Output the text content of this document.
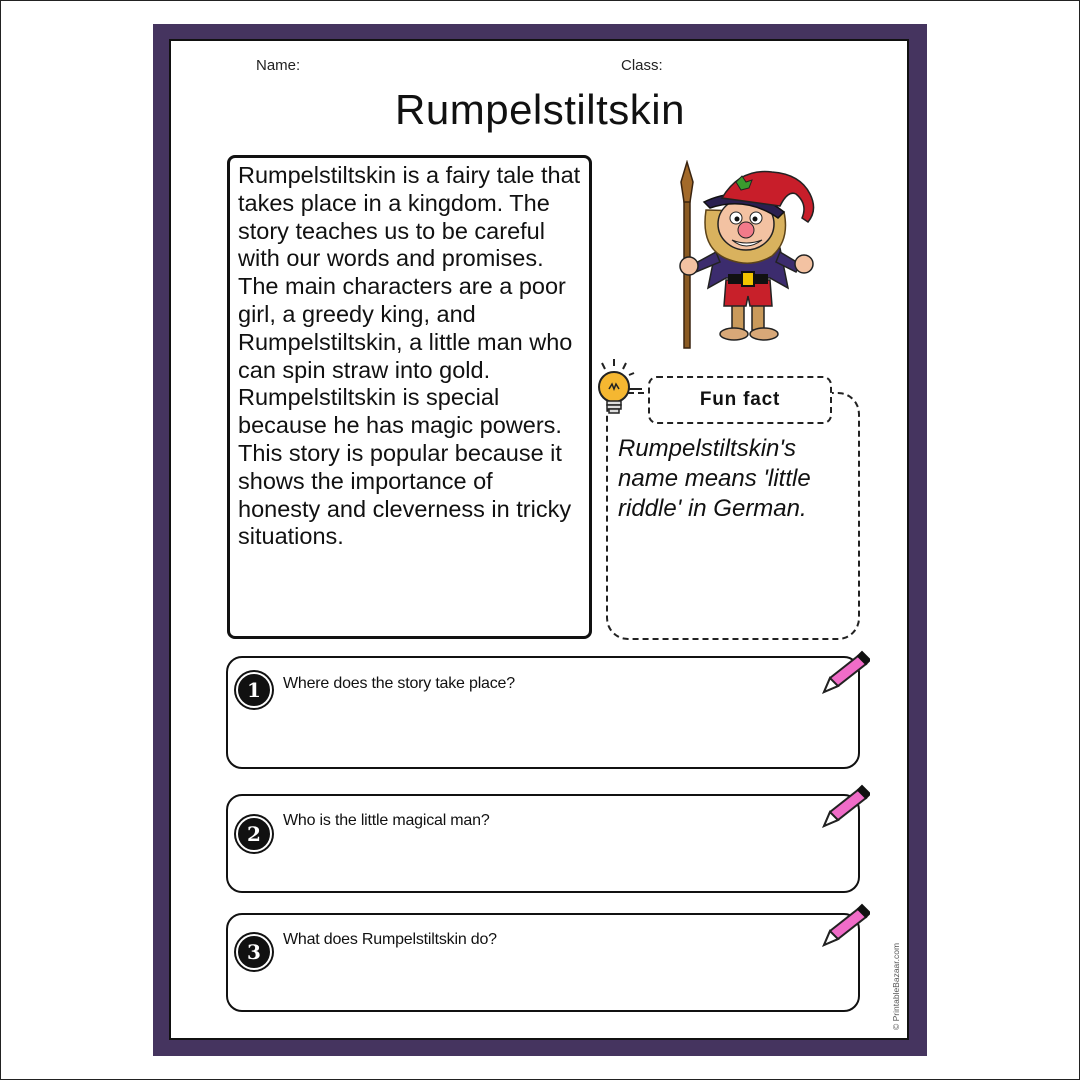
Name:	Class:
Rumpelstiltskin

Rumpelstiltskin is a fairy tale that takes place in a kingdom. The story teaches us to be careful with our words and promises. The main characters are a poor girl, a greedy king, and Rumpelstiltskin, a little man who can spin straw into gold. Rumpelstiltskin is special because he has magic powers. This story is popular because it shows the importance of honesty and cleverness in tricky situations.

Fun fact
Rumpelstiltskin's name means 'little riddle' in German.
1	Where does the story take place?
2
Who is the little magical man?
3
What does Rumpelstiltskin do?
© PrintableBazaar.com
